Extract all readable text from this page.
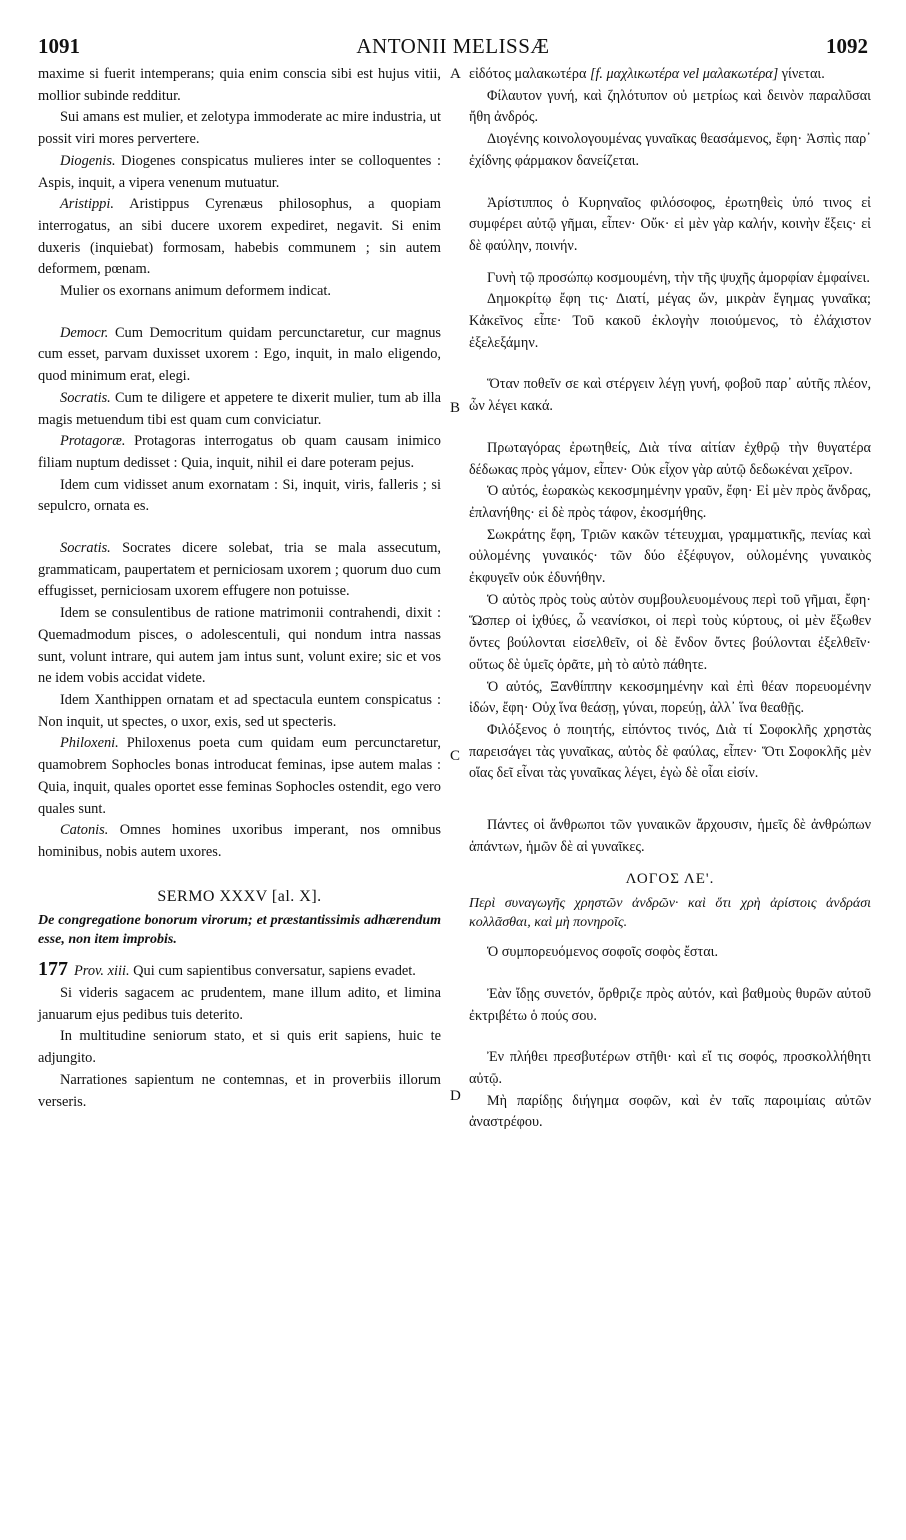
1091	ANTONII MELISSÆ	1092
A
B
C
D

maxime si fuerit intemperans; quia enim conscia sibi est hujus vitii, mollior subinde redditur.

Sui amans est mulier, et zelotypa immoderate ac mire industria, ut possit viri mores pervertere.

Diogenis. Diogenes conspicatus mulieres inter se colloquentes : Aspis, inquit, a vipera venenum mutuatur.

Aristippi. Aristippus Cyrenæus philosophus, a quopiam interrogatus, an sibi ducere uxorem expediret, negavit. Si enim duxeris (inquiebat) formosam, habebis communem ; sin autem deformem, pœnam.

Mulier os exornans animum deformem indicat.

Democr. Cum Democritum quidam percunctaretur, cur magnus cum esset, parvam duxisset uxorem : Ego, inquit, in malo eligendo, quod minimum erat, elegi.

Socratis. Cum te diligere et appetere te dixerit mulier, tum ab illa magis metuendum tibi est quam cum conviciatur.

Protagoræ. Protagoras interrogatus ob quam causam inimico filiam nuptum dedisset : Quia, inquit, nihil ei dare poteram pejus.

Idem cum vidisset anum exornatam : Si, inquit, viris, falleris ; si sepulcro, ornata es.

Socratis. Socrates dicere solebat, tria se mala assecutum, grammaticam, paupertatem et perniciosam uxorem ; quorum duo cum effugisset, perniciosam uxorem effugere non potuisse.

Idem se consulentibus de ratione matrimonii contrahendi, dixit : Quemadmodum pisces, o adolescentuli, qui nondum intra nassas sunt, volunt intrare, qui autem jam intus sunt, volunt exire; sic et vos ne idem vobis accidat videte.

Idem Xanthippen ornatam et ad spectacula euntem conspicatus : Non inquit, ut spectes, o uxor, exis, sed ut specteris.

Philoxeni. Philoxenus poeta cum quidam eum percunctaretur, quamobrem Sophocles bonas introducat feminas, ipse autem malas : Quia, inquit, quales oportet esse feminas Sophocles ostendit, ego vero quales sunt.

Catonis. Omnes homines uxoribus imperant, nos omnibus hominibus, nobis autem uxores.

SERMO XXXV [al. X].

De congregatione bonorum virorum; et præstantissimis adhærendum esse, non item improbis.

177 Prov. xiii. Qui cum sapientibus conversatur, sapiens evadet.

Si videris sagacem ac prudentem, mane illum adito, et limina januarum ejus pedibus tuis deterito.

In multitudine seniorum stato, et si quis erit sapiens, huic te adjungito.

Narrationes sapientum ne contemnas, et in proverbiis illorum verseris.

εἰδότος μαλακωτέρα [f. μαχλικωτέρα vel μαλακωτέρα] γίνεται.

Φίλαυτον γυνή, καὶ ζηλότυπον οὐ μετρίως καὶ δεινὸν παραλῦσαι ἤθη ἀνδρός.

Διογένης κοινολογουμένας γυναῖκας θεασάμενος, ἔφη· Ἀσπὶς παρ᾿ ἐχίδνης φάρμακον δανείζεται.

Ἀρίστιππος ὁ Κυρηναῖος φιλόσοφος, ἐρωτηθεὶς ὑπό τινος εἰ συμφέρει αὐτῷ γῆμαι, εἶπεν· Οὔκ· εἰ μὲν γὰρ καλήν, κοινὴν ἕξεις· εἰ δὲ φαύλην, ποινήν.

Γυνὴ τῷ προσώπῳ κοσμουμένη, τὴν τῆς ψυχῆς ἀμορφίαν ἐμφαίνει.

Δημοκρίτῳ ἔφη τις· Διατί, μέγας ὤν, μικρὰν ἔγημας γυναῖκα; Κἀκεῖνος εἶπε· Τοῦ κακοῦ ἐκλογὴν ποιούμενος, τὸ ἐλάχιστον ἐξελεξάμην.

Ὅταν ποθεῖν σε καὶ στέργειν λέγῃ γυνή, φοβοῦ παρ᾿ αὐτῆς πλέον, ὧν λέγει κακά.

Πρωταγόρας ἐρωτηθείς, Διὰ τίνα αἰτίαν ἐχθρῷ τὴν θυγατέρα δέδωκας πρὸς γάμον, εἶπεν· Οὐκ εἶχον γὰρ αὐτῷ δεδωκέναι χεῖρον.

Ὁ αὐτός, ἑωρακὼς κεκοσμημένην γραῦν, ἔφη· Εἰ μὲν πρὸς ἄνδρας, ἐπλανήθης· εἰ δὲ πρὸς τάφον, ἐκοσμήθης.

Σωκράτης ἔφη, Τριῶν κακῶν τέτευχμαι, γραμματικῆς, πενίας καὶ οὐλομένης γυναικός· τῶν δύο ἐξέφυγον, οὐλομένης γυναικὸς ἐκφυγεῖν οὐκ ἐδυνήθην.

Ὁ αὐτὸς πρὸς τοὺς αὐτὸν συμβουλευομένους περὶ τοῦ γῆμαι, ἔφη· Ὥσπερ οἱ ἰχθύες, ὦ νεανίσκοι, οἱ περὶ τοὺς κύρτους, οἱ μὲν ἔξωθεν ὄντες βούλονται εἰσελθεῖν, οἱ δὲ ἔνδον ὄντες βούλονται ἐξελθεῖν· οὕτως δὲ ὑμεῖς ὁρᾶτε, μὴ τὸ αὐτὸ πάθητε.

Ὁ αὐτός, Ξανθίππην κεκοσμημένην καὶ ἐπὶ θέαν πορευομένην ἰδών, ἔφη· Οὐχ ἵνα θεάσῃ, γύναι, πορεύῃ, ἀλλ᾿ ἵνα θεαθῇς.

Φιλόξενος ὁ ποιητής, εἰπόντος τινός, Διὰ τί Σοφοκλῆς χρηστὰς παρεισάγει τὰς γυναῖκας, αὐτὸς δὲ φαύλας, εἶπεν· Ὅτι Σοφοκλῆς μὲν οἵας δεῖ εἶναι τὰς γυναῖκας λέγει, ἐγὼ δὲ οἷαι εἰσίν.

Πάντες οἱ ἄνθρωποι τῶν γυναικῶν ἄρχουσιν, ἡμεῖς δὲ ἀνθρώπων ἁπάντων, ἡμῶν δὲ αἱ γυναῖκες.

ΛΟΓΟΣ ΛΕ'.

Περὶ συναγωγῆς χρηστῶν ἀνδρῶν· καὶ ὅτι χρὴ ἀρίστοις ἀνδράσι κολλᾶσθαι, καὶ μὴ πονηροῖς.

Ὁ συμπορευόμενος σοφοῖς σοφὸς ἔσται.

Ἐὰν ἴδῃς συνετόν, ὄρθριζε πρὸς αὐτόν, καὶ βαθμοὺς θυρῶν αὐτοῦ ἐκτριβέτω ὁ πούς σου.

Ἐν πλήθει πρεσβυτέρων στῆθι· καὶ εἴ τις σοφός, προσκολλήθητι αὐτῷ.

Μὴ παρίδῃς διήγημα σοφῶν, καὶ ἐν ταῖς παροιμίαις αὐτῶν ἀναστρέφου.
